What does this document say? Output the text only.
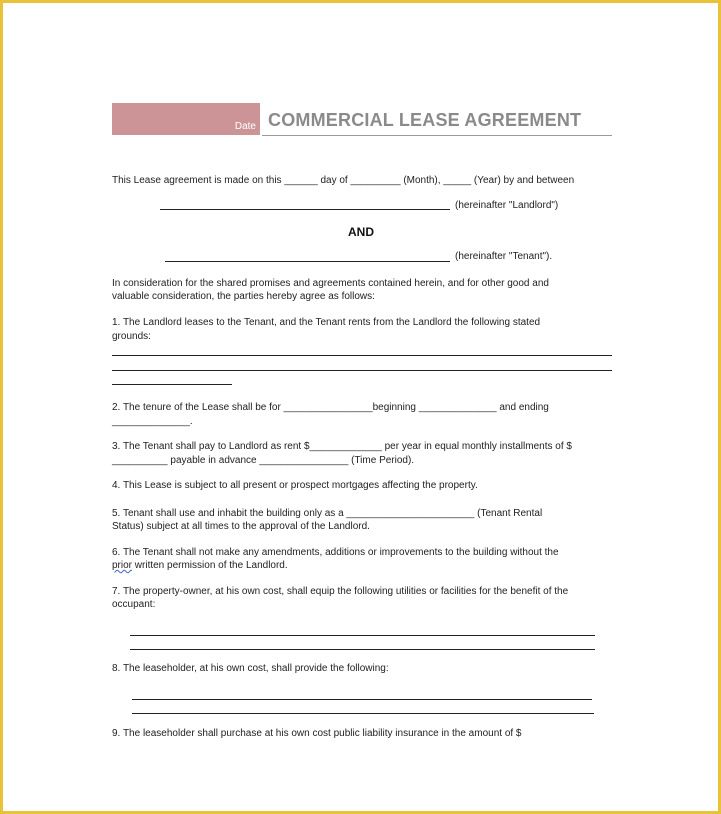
Date COMMERCIAL LEASE AGREEMENT
This Lease agreement is made on this ______ day of _________ (Month), _____ (Year) by and between
(hereinafter "Landlord")
AND
(hereinafter "Tenant").
In consideration for the shared promises and agreements contained herein, and for other good and
valuable consideration, the parties hereby agree as follows:
1. The Landlord leases to the Tenant, and the Tenant rents from the Landlord the following stated
grounds:
2. The tenure of the Lease shall be for ________________beginning ______________ and ending
______________.
3. The Tenant shall pay to Landlord as rent $_____________ per year in equal monthly installments of $
__________ payable in advance ________________ (Time Period).
4. This Lease is subject to all present or prospect mortgages affecting the property.
5. Tenant shall use and inhabit the building only as a _______________________ (Tenant Rental
Status) subject at all times to the approval of the Landlord.
6. The Tenant shall not make any amendments, additions or improvements to the building without the
prior written permission of the Landlord.
7. The property-owner, at his own cost, shall equip the following utilities or facilities for the benefit of the
occupant:
8. The leaseholder, at his own cost, shall provide the following:
9. The leaseholder shall purchase at his own cost public liability insurance in the amount of $
